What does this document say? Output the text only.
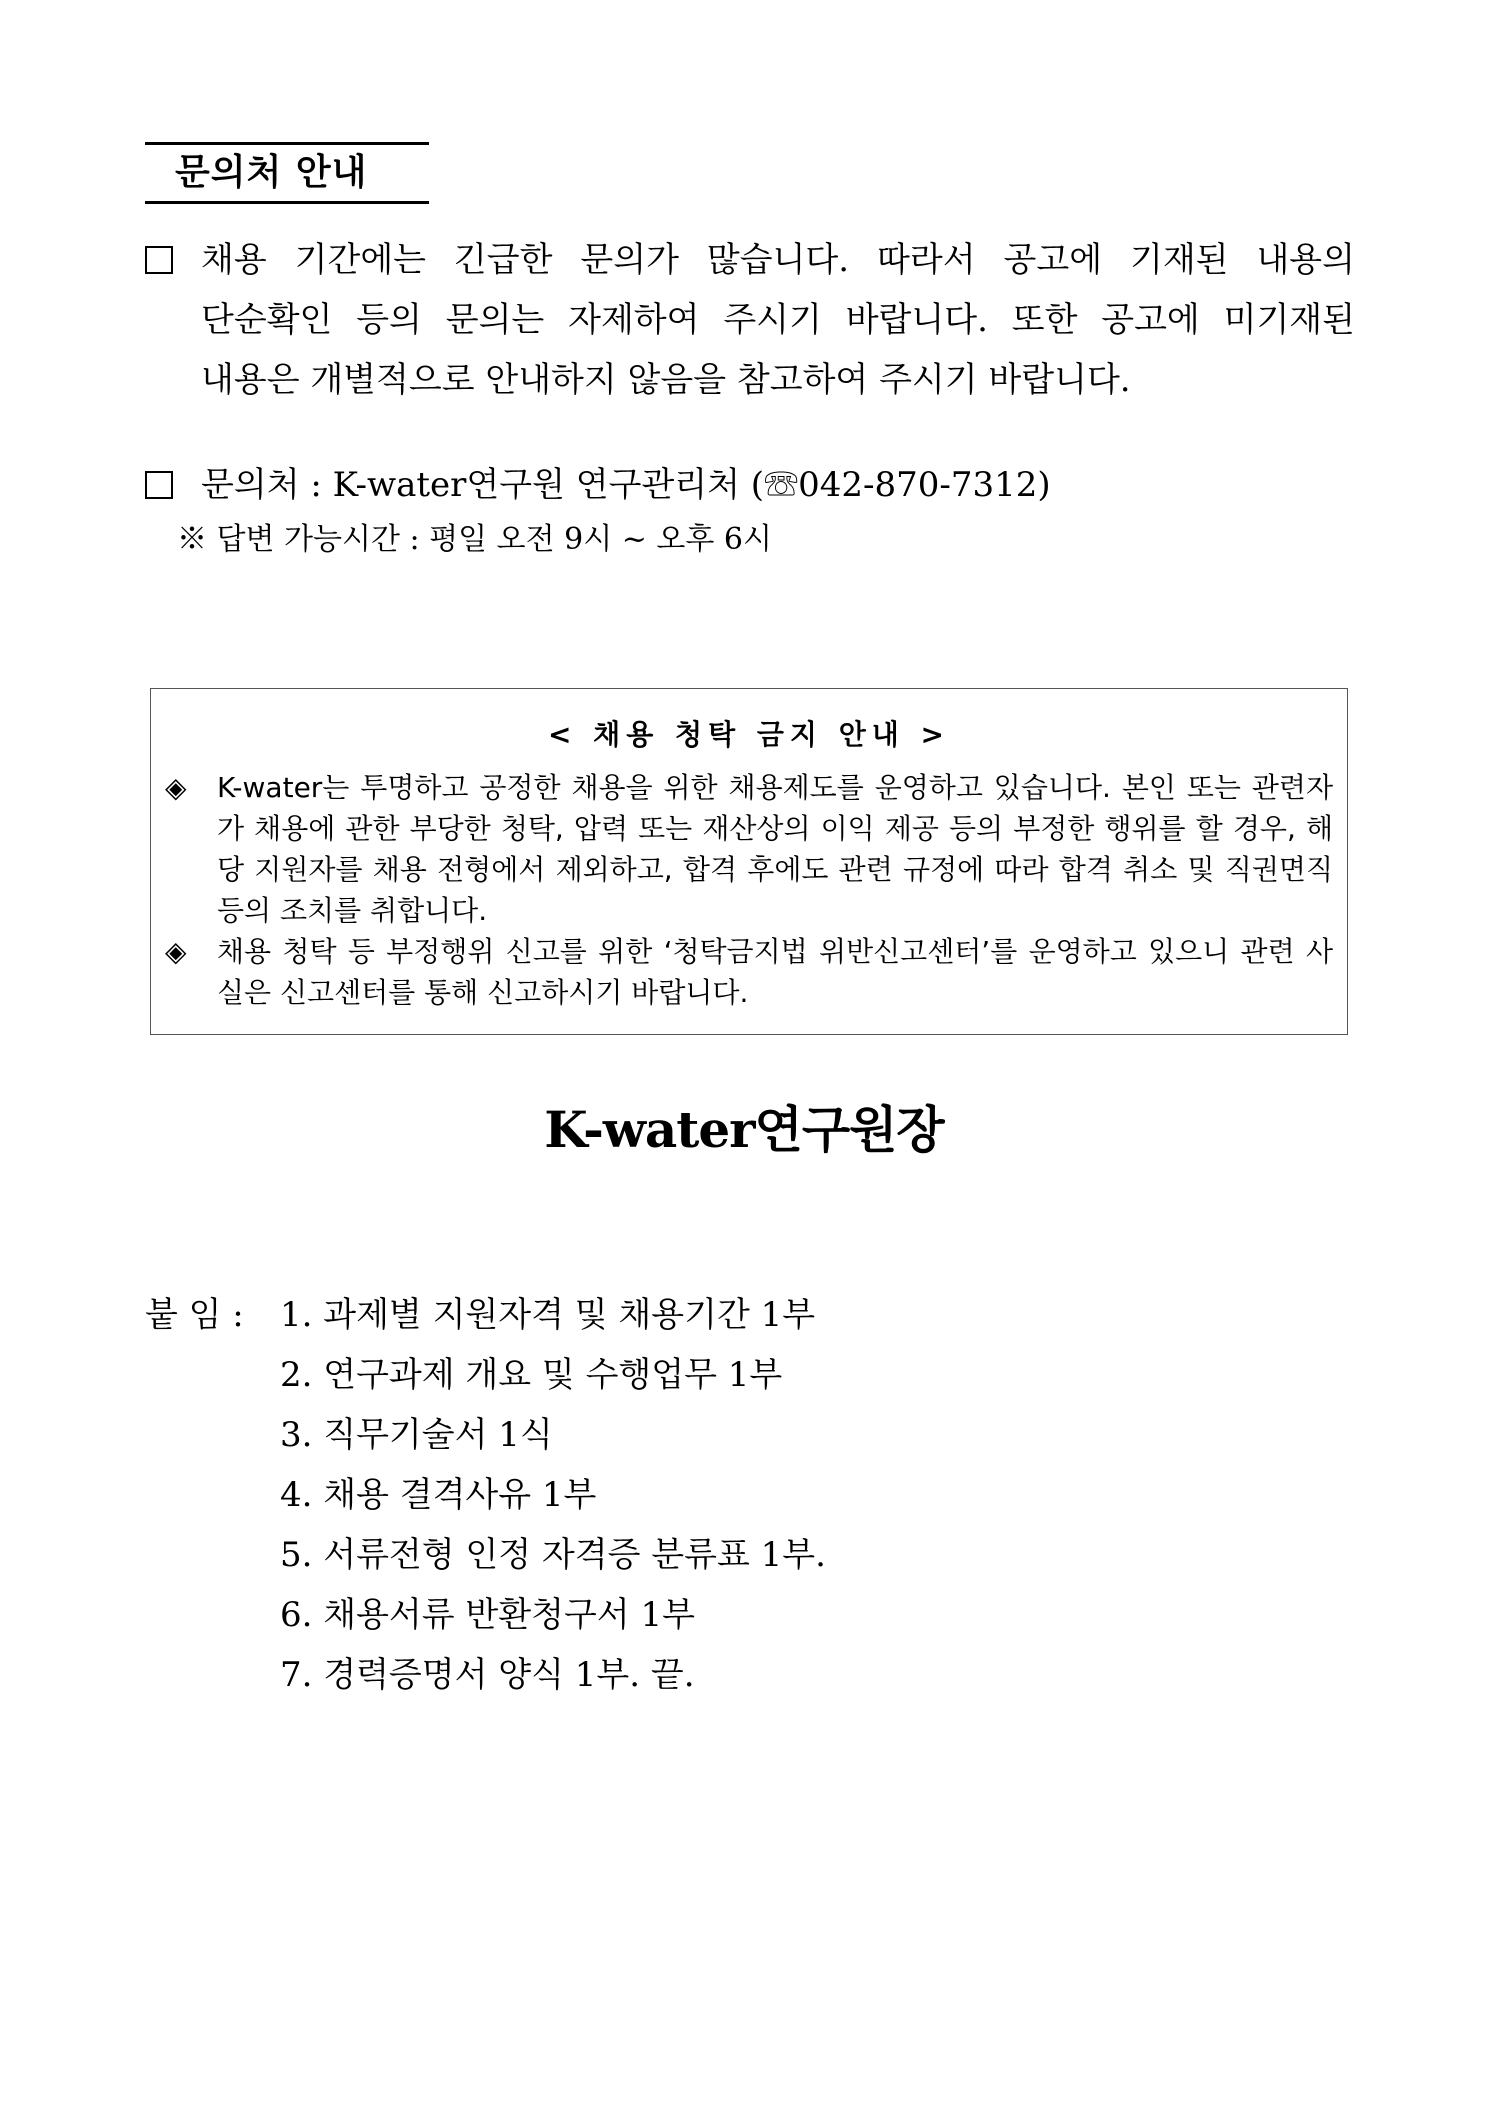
문의처 안내
채용 기간에는 긴급한 문의가 많습니다. 따라서 공고에 기재된 내용의
단순확인 등의 문의는 자제하여 주시기 바랍니다. 또한 공고에 미기재된
내용은 개별적으로 안내하지 않음을 참고하여 주시기 바랍니다.
문의처 : K-water연구원 연구관리처 (☏042-870-7312)
※ 답변 가능시간 : 평일 오전 9시 ~ 오후 6시
< 채용 청탁 금지 안내 >
◈ K-water는 투명하고 공정한 채용을 위한 채용제도를 운영하고 있습니다. 본인 또는 관련자가 채용에 관한 부당한 청탁, 압력 또는 재산상의 이익 제공 등의 부정한 행위를 할 경우, 해당 지원자를 채용 전형에서 제외하고, 합격 후에도 관련 규정에 따라 합격 취소 및 직권면직 등의 조치를 취합니다.
◈ 채용 청탁 등 부정행위 신고를 위한 ‘청탁금지법 위반신고센터’를 운영하고 있으니 관련 사실은 신고센터를 통해 신고하시기 바랍니다.
K-water연구원장
붙 임 : 1. 과제별 지원자격 및 채용기간 1부
2. 연구과제 개요 및 수행업무 1부
3. 직무기술서 1식
4. 채용 결격사유 1부
5. 서류전형 인정 자격증 분류표 1부.
6. 채용서류 반환청구서 1부
7. 경력증명서 양식 1부. 끝.
